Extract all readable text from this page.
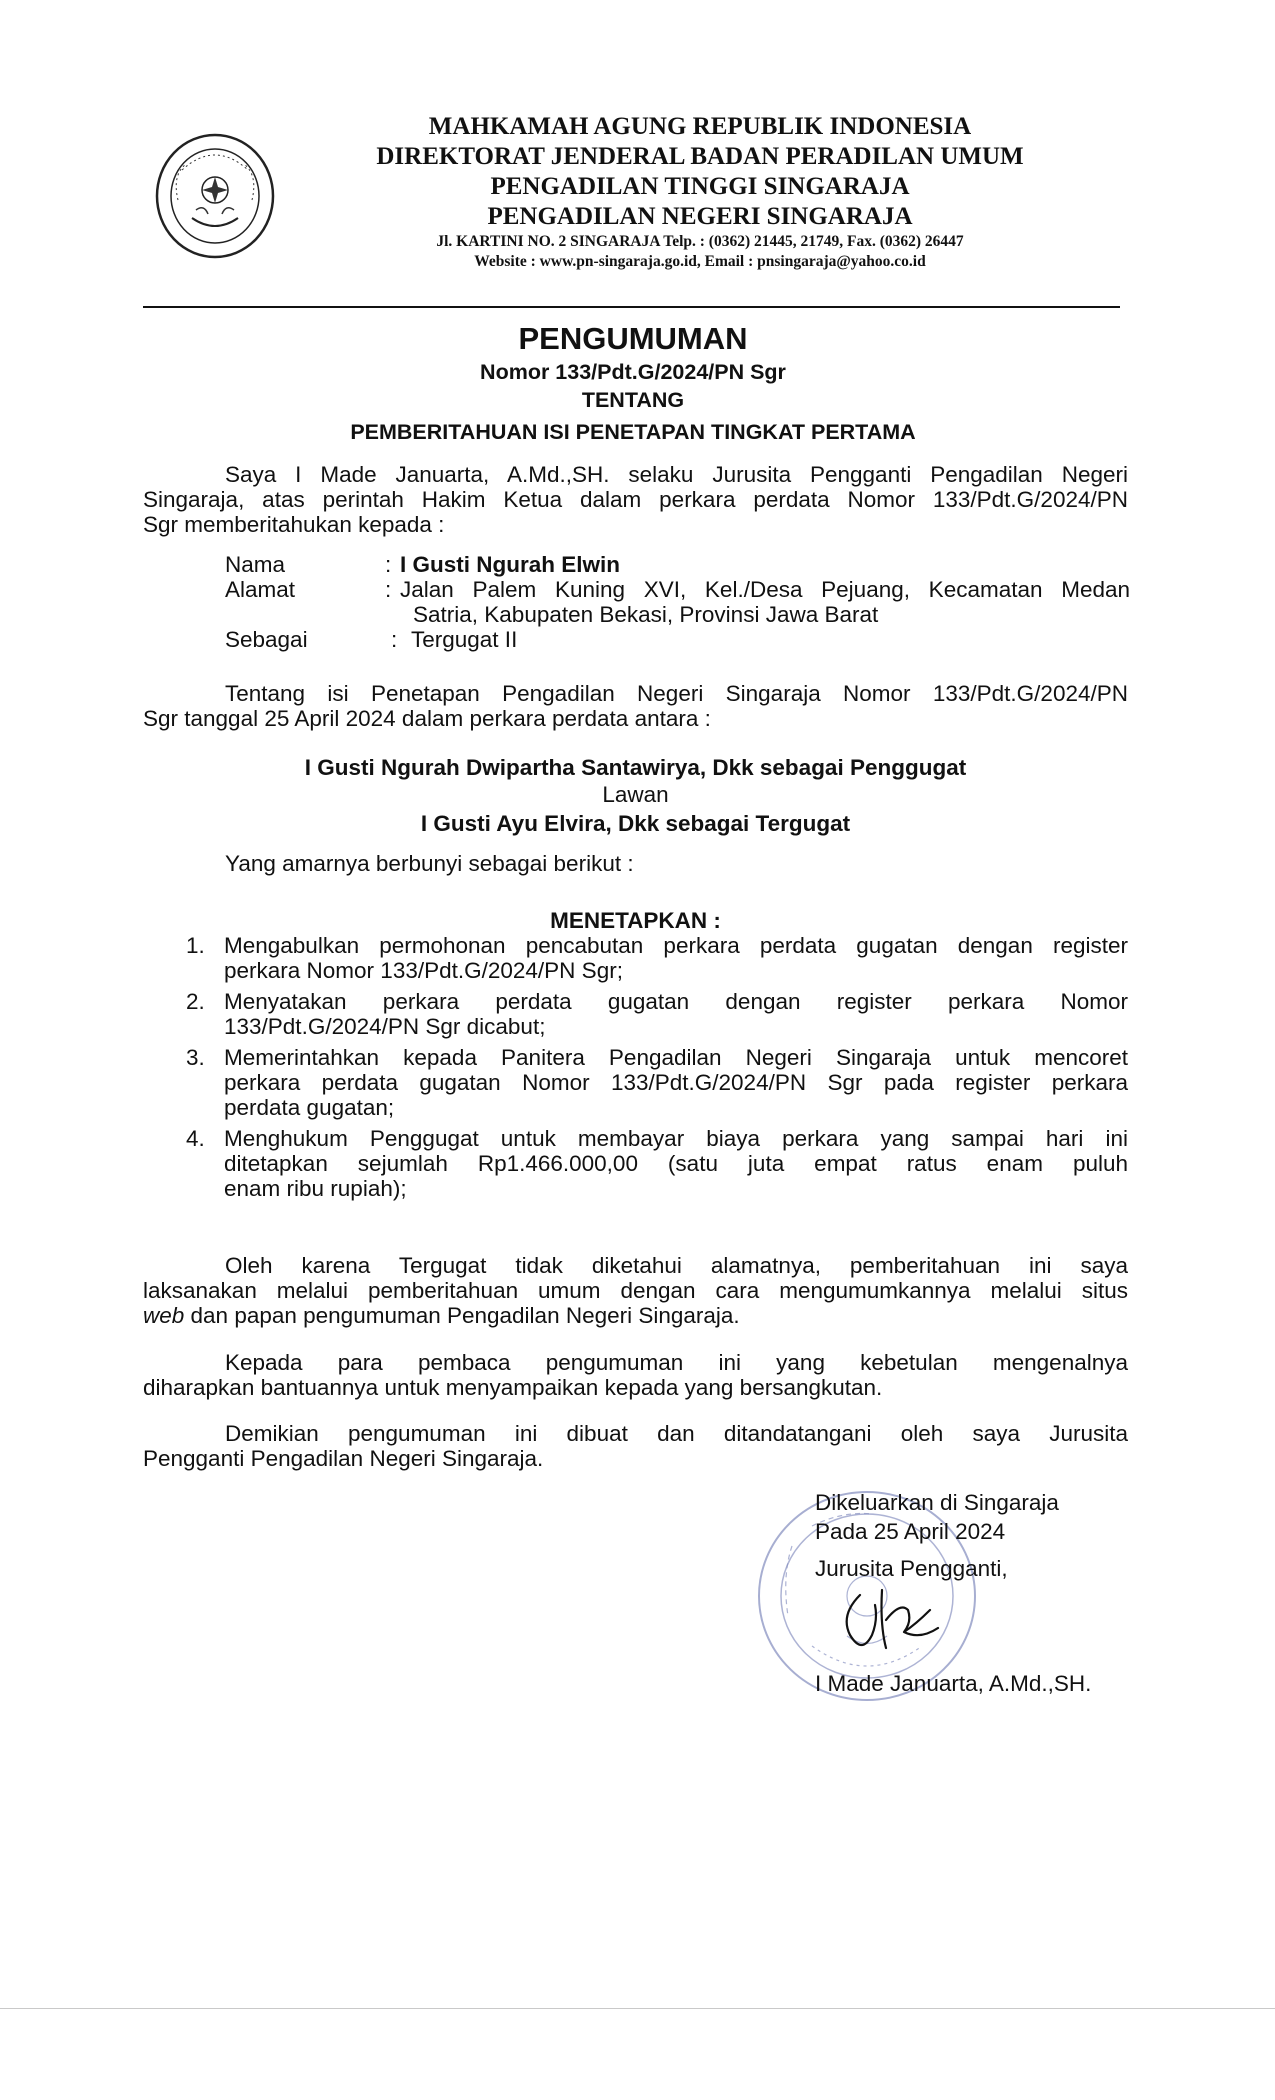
MAHKAMAH AGUNG REPUBLIK INDONESIA
DIREKTORAT JENDERAL BADAN PERADILAN UMUM
PENGADILAN TINGGI SINGARAJA
PENGADILAN NEGERI SINGARAJA
Jl. KARTINI NO. 2 SINGARAJA Telp. : (0362) 21445, 21749, Fax. (0362) 26447
Website : www.pn-singaraja.go.id, Email : pnsingaraja@yahoo.co.id
PENGUMUMAN
Nomor 133/Pdt.G/2024/PN Sgr
TENTANG
PEMBERITAHUAN ISI PENETAPAN TINGKAT PERTAMA
Saya I Made Januarta, A.Md.,SH. selaku Jurusita Pengganti Pengadilan Negeri
Singaraja, atas perintah Hakim Ketua dalam perkara perdata Nomor 133/Pdt.G/2024/PN
Sgr memberitahukan kepada :
Nama	: I Gusti Ngurah Elwin
Alamat	: Jalan Palem Kuning XVI, Kel./Desa Pejuang, Kecamatan Medan
Satria, Kabupaten Bekasi, Provinsi Jawa Barat
Sebagai	: Tergugat II
Tentang isi Penetapan Pengadilan Negeri Singaraja Nomor 133/Pdt.G/2024/PN
Sgr tanggal 25 April 2024 dalam perkara perdata antara :
I Gusti Ngurah Dwipartha Santawirya, Dkk sebagai Penggugat
Lawan
I Gusti Ayu Elvira, Dkk sebagai Tergugat
Yang amarnya berbunyi sebagai berikut :
MENETAPKAN :
1. Mengabulkan permohonan pencabutan perkara perdata gugatan dengan register
perkara Nomor 133/Pdt.G/2024/PN Sgr;
2. Menyatakan perkara perdata gugatan dengan register perkara Nomor
133/Pdt.G/2024/PN Sgr dicabut;
3. Memerintahkan kepada Panitera Pengadilan Negeri Singaraja untuk mencoret
perkara perdata gugatan Nomor 133/Pdt.G/2024/PN Sgr pada register perkara
perdata gugatan;
4. Menghukum Penggugat untuk membayar biaya perkara yang sampai hari ini
ditetapkan sejumlah Rp1.466.000,00 (satu juta empat ratus enam puluh
enam ribu rupiah);
Oleh karena Tergugat tidak diketahui alamatnya, pemberitahuan ini saya
laksanakan melalui pemberitahuan umum dengan cara mengumumkannya melalui situs
web dan papan pengumuman Pengadilan Negeri Singaraja.
Kepada para pembaca pengumuman ini yang kebetulan mengenalnya
diharapkan bantuannya untuk menyampaikan kepada yang bersangkutan.
Demikian pengumuman ini dibuat dan ditandatangani oleh saya Jurusita
Pengganti Pengadilan Negeri Singaraja.
Dikeluarkan di Singaraja
Pada 25 April 2024
Jurusita Pengganti,
I Made Januarta, A.Md.,SH.
